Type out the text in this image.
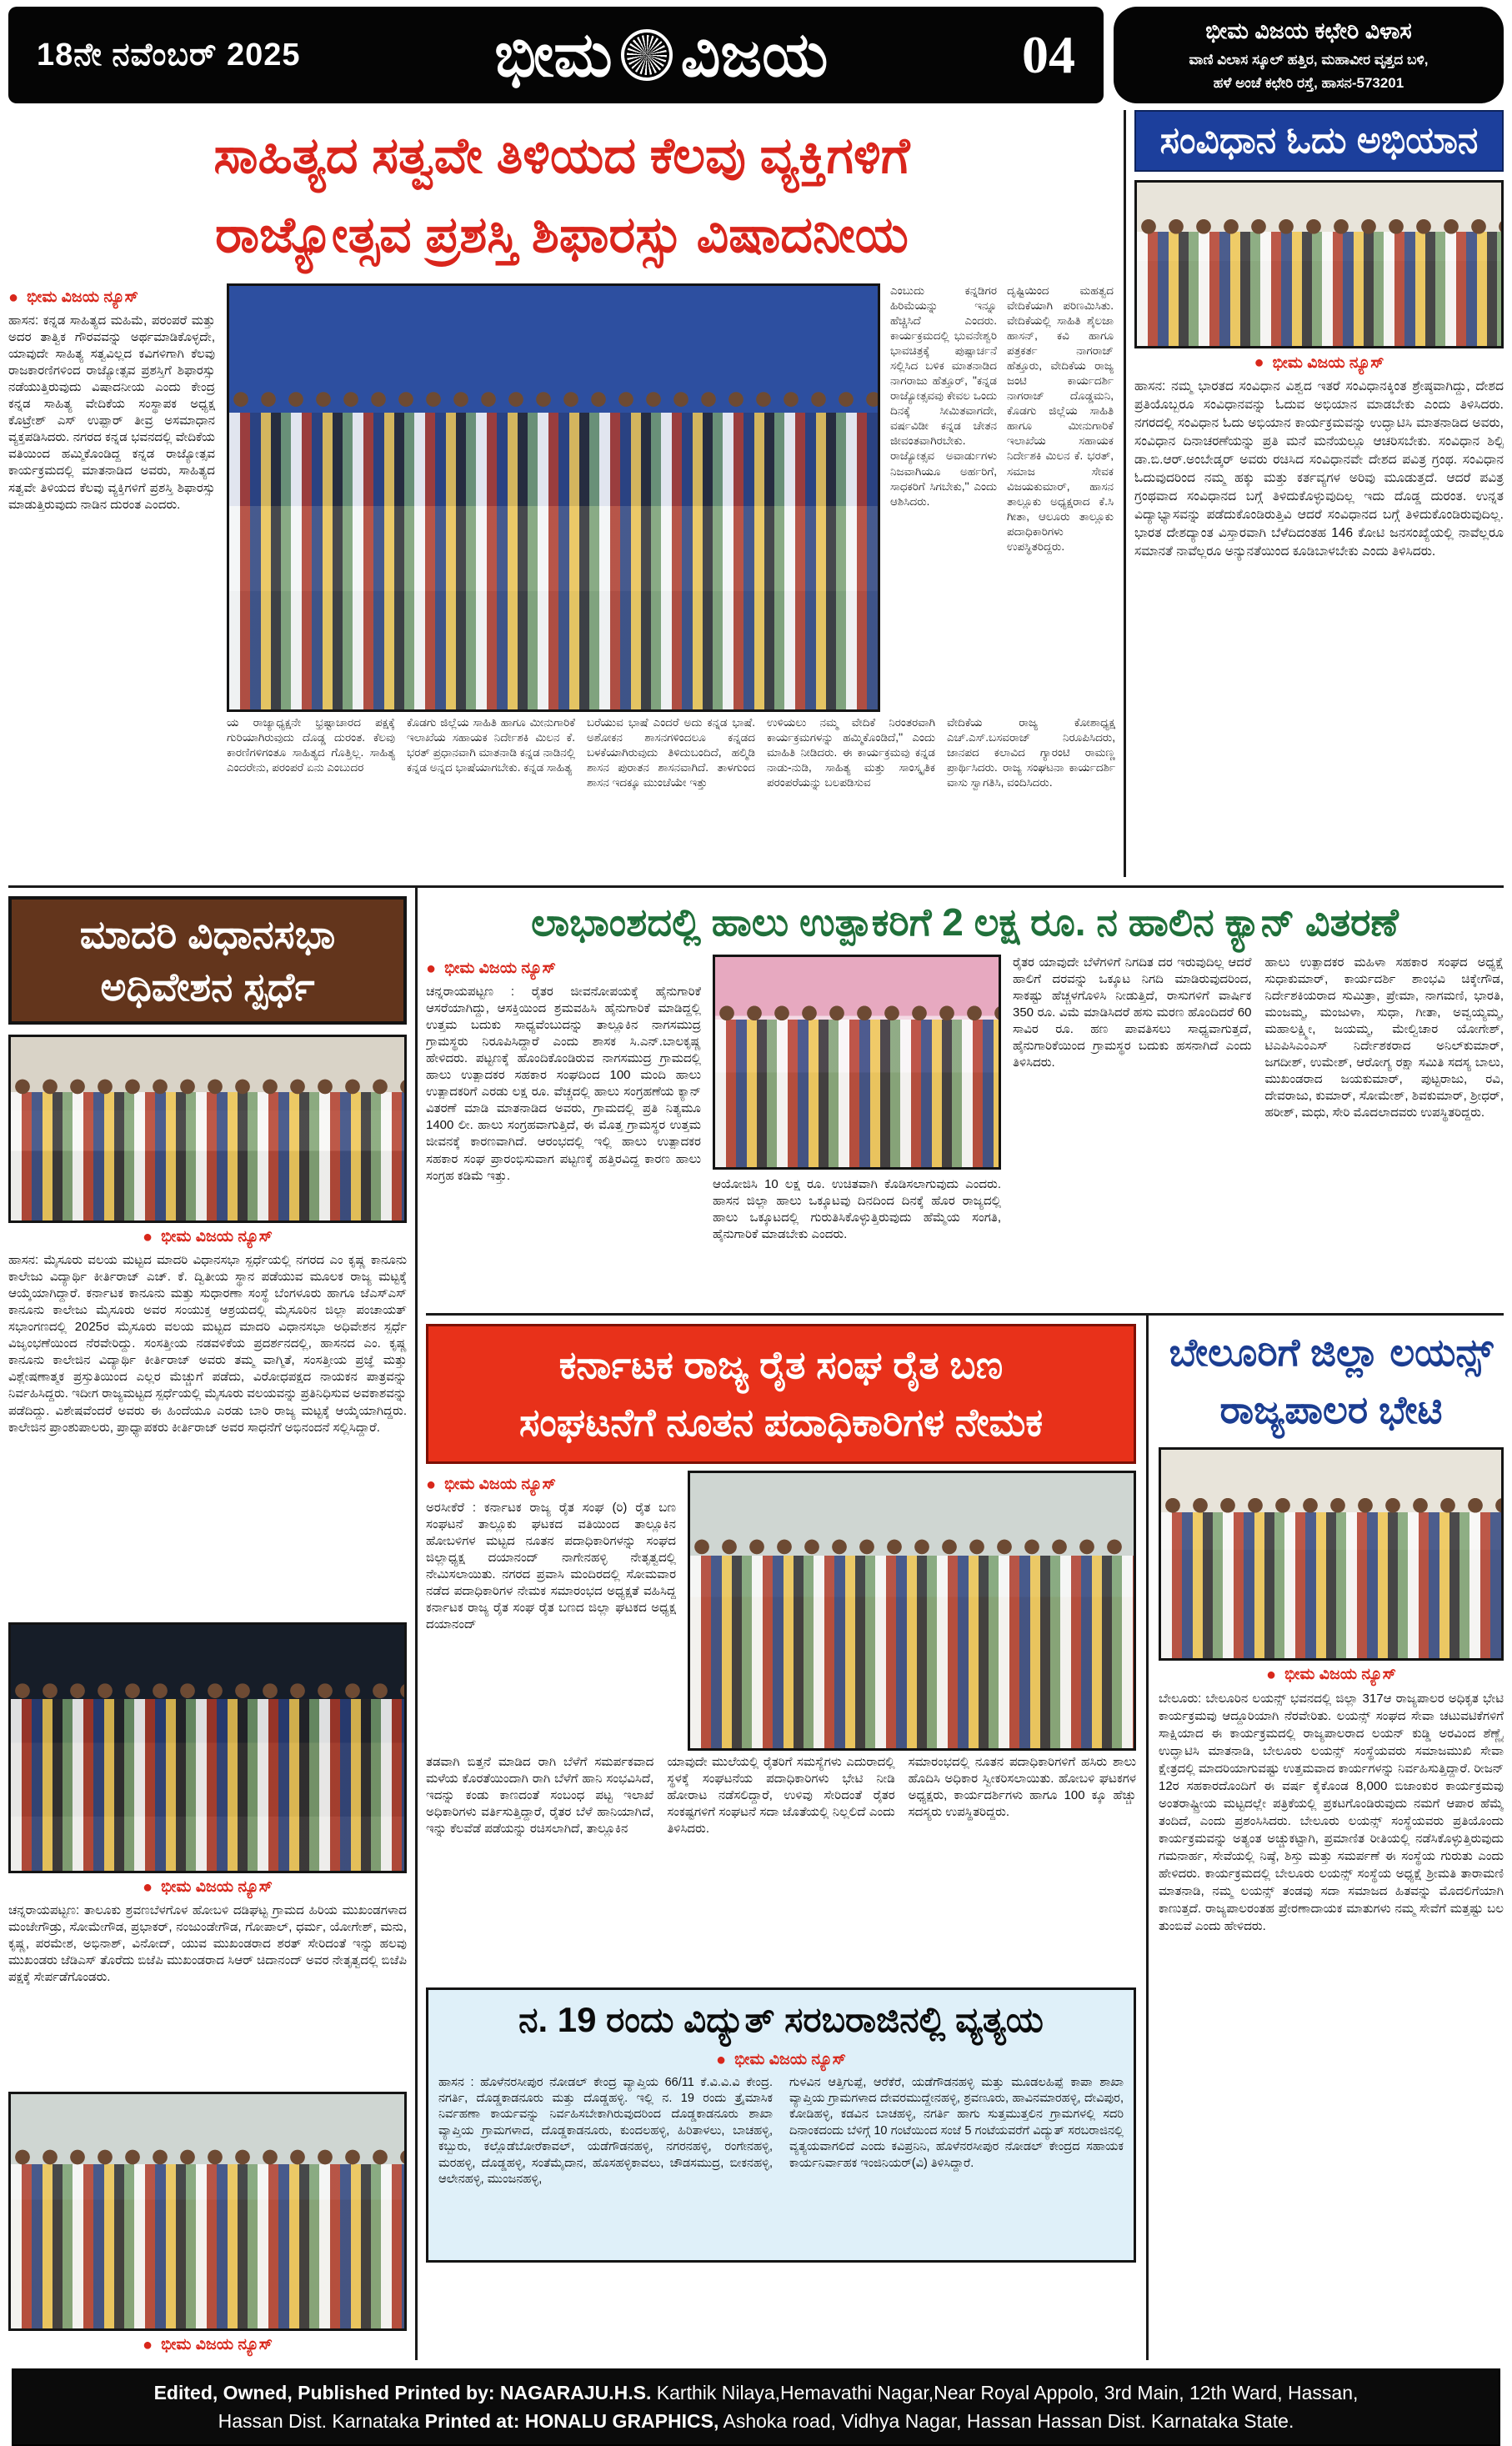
18ನೇ ನವೆಂಬರ್ 2025	ಭೀಮ ವಿಜಯ	04	ಭೀಮ ವಿಜಯ ಕಛೇರಿ ವಿಳಾಸ
ವಾಣಿ ವಿಲಾಸ ಸ್ಕೂಲ್ ಹತ್ತಿರ, ಮಹಾವೀರ ವೃತ್ತದ ಬಳಿ,
ಹಳೆ ಅಂಚೆ ಕಛೇರಿ ರಸ್ತೆ, ಹಾಸನ-573201
ಸಾಹಿತ್ಯದ ಸತ್ವವೇ ತಿಳಿಯದ ಕೆಲವು ವ್ಯಕ್ತಿಗಳಿಗೆ
ರಾಜ್ಯೋತ್ಸವ ಪ್ರಶಸ್ತಿ ಶಿಫಾರಸ್ಸು ವಿಷಾದನೀಯ
● ಭೀಮ ವಿಜಯ ನ್ಯೂಸ್
ಹಾಸನ: ಕನ್ನಡ ಸಾಹಿತ್ಯದ ಮಹಿಮೆ, ಪರಂಪರೆ ಮತ್ತು ಅದರ ತಾತ್ವಿಕ ಗೌರವವನ್ನು ಅರ್ಥಮಾಡಿಕೊಳ್ಳದೇ, ಯಾವುದೇ ಸಾಹಿತ್ಯ ಸತ್ವವಿಲ್ಲದ ಕವಿಗಳಿಗಾಗಿ ಕೆಲವು ರಾಜಕಾರಣಿಗಳಿಂದ ರಾಜ್ಯೋತ್ಸವ ಪ್ರಶಸ್ತಿಗೆ ಶಿಫಾರಸ್ಸು ನಡೆಯುತ್ತಿರುವುದು ವಿಷಾದನೀಯ ಎಂದು ಕೇಂದ್ರ ಕನ್ನಡ ಸಾಹಿತ್ಯ ವೇದಿಕೆಯ ಸಂಸ್ಥಾಪಕ ಅಧ್ಯಕ್ಷ ಕೊಟ್ರೇಶ್ ಎಸ್ ಉಪ್ಪಾರ್ ತೀವ್ರ ಅಸಮಾಧಾನ ವ್ಯಕ್ತಪಡಿಸಿದರು. ನಗರದ ಕನ್ನಡ ಭವನದಲ್ಲಿ ವೇದಿಕೆಯ ವತಿಯಿಂದ ಹಮ್ಮಿಕೊಂಡಿದ್ದ ಕನ್ನಡ ರಾಜ್ಯೋತ್ಸವ ಕಾರ್ಯಕ್ರಮದಲ್ಲಿ ಮಾತನಾಡಿದ ಅವರು, ಸಾಹಿತ್ಯದ ಸತ್ವವೇ ತಿಳಿಯದ ಕೆಲವು ವ್ಯಕ್ತಿಗಳಿಗೆ ಪ್ರಶಸ್ತಿ ಶಿಫಾರಸ್ಸು ಮಾಡುತ್ತಿರುವುದು ನಾಡಿನ ದುರಂತ ಎಂದರು.
ಎಂಬುದು ಕನ್ನಡಿಗರ ಹಿರಿಮೆಯನ್ನು ಇನ್ನೂ ಹೆಚ್ಚಿಸಿದೆ ಎಂದರು. ಕಾರ್ಯಕ್ರಮದಲ್ಲಿ ಭುವನೇಶ್ವರಿ ಭಾವಚಿತ್ರಕ್ಕೆ ಪುಷ್ಪಾರ್ಚನೆ ಸಲ್ಲಿಸಿದ ಬಳಿಕ ಮಾತನಾಡಿದ ನಾಗರಾಜು ಹೆತ್ತೂರ್, ''ಕನ್ನಡ ರಾಜ್ಯೋತ್ಸವವು ಕೇವಲ ಒಂದು ದಿನಕ್ಕೆ ಸೀಮಿತವಾಗದೇ, ವರ್ಷವಿಡೀ ಕನ್ನಡ ಚೇತನ ಜೀವಂತವಾಗಿರಬೇಕು. ರಾಜ್ಯೋತ್ಸವ ಅವಾರ್ಡುಗಳು ನಿಜವಾಗಿಯೂ ಅರ್ಹರಿಗೆ, ಸಾಧಕರಿಗೆ ಸಿಗಬೇಕು,'' ಎಂದು ಆಶಿಸಿದರು.
ದೃಷ್ಟಿಯಿಂದ ಮಹತ್ವದ ವೇದಿಕೆಯಾಗಿ ಪರಿಣಮಿಸಿತು. ವೇದಿಕೆಯಲ್ಲಿ ಸಾಹಿತಿ ಶೈಲಜಾ ಹಾಸನ್, ಕವಿ ಹಾಗೂ ಪತ್ರಕರ್ತ ನಾಗರಾಜ್ ಹೆತ್ತೂರು, ವೇದಿಕೆಯ ರಾಜ್ಯ ಜಂಟಿ ಕಾರ್ಯದರ್ಶಿ ನಾಗರಾಜ್ ದೊಡ್ಡಮನಿ, ಕೊಡಗು ಜಿಲ್ಲೆಯ ಸಾಹಿತಿ ಹಾಗೂ ಮೀನುಗಾರಿಕೆ ಇಲಾಖೆಯ ಸಹಾಯಕ ನಿರ್ದೇಶಕಿ ಮಿಲನ ಕೆ. ಭರತ್, ಸಮಾಜ ಸೇವಕ ವಿಜಯಕುಮಾರ್, ಹಾಸನ ತಾಲ್ಲೂಕು ಅಧ್ಯಕ್ಷರಾದ ಕೆ.ಸಿ ಗೀತಾ, ಆಲೂರು ತಾಲ್ಲೂಕು ಪದಾಧಿಕಾರಿಗಳು ಉಪಸ್ಥಿತರಿದ್ದರು.
ಯ ರಾಜ್ಯಾಧ್ಯಕ್ಷನೇ ಭ್ರಷ್ಟಾಚಾರದ ಪಕ್ಷಕ್ಕೆ ಗುರಿಯಾಗಿರುವುದು ದೊಡ್ಡ ದುರಂತ. ಕೆಲವು ಕಾರಣಿಗಳಿಗಂತೂ ಸಾಹಿತ್ಯದ ಗೊತ್ತಿಲ್ಲ. ಸಾಹಿತ್ಯ ಎಂದರೇನು, ಪರಂಪರೆ ಏನು ಎಂಬುದರ
ಕೊಡಗು ಜಿಲ್ಲೆಯ ಸಾಹಿತಿ ಹಾಗೂ ಮೀನುಗಾರಿಕೆ ಇಲಾಖೆಯ ಸಹಾಯಕ ನಿರ್ದೇಶಕಿ ಮಿಲನ ಕೆ. ಭರತ್ ಪ್ರಧಾನವಾಗಿ ಮಾತನಾಡಿ ಕನ್ನಡ ನಾಡಿನಲ್ಲಿ ಕನ್ನಡ ಅನ್ನದ ಭಾಷೆಯಾಗಬೇಕು. ಕನ್ನಡ ಸಾಹಿತ್ಯ
ಬರೆಯುವ ಭಾಷೆ ಎಂದರೆ ಅದು ಕನ್ನಡ ಭಾಷೆ. ಅಶೋಕನ ಶಾಸನಗಳಿಂದಲೂ ಕನ್ನಡದ ಬಳಕೆಯಾಗಿರುವುದು ತಿಳಿದುಬಂದಿದೆ, ಹಲ್ಮಿಡಿ ಶಾಸನ ಪುರಾತನ ಶಾಸನವಾಗಿದೆ. ತಾಳಗುಂದ ಶಾಸನ ಇದಕ್ಕೂ ಮುಂಚೆಯೇ ಇತ್ತು
ಉಳಿಯಲು ನಮ್ಮ ವೇದಿಕೆ ನಿರಂತರವಾಗಿ ಕಾರ್ಯಕ್ರಮಗಳನ್ನು ಹಮ್ಮಿಕೊಂಡಿದೆ,'' ಎಂದು ಮಾಹಿತಿ ನೀಡಿದರು. ಈ ಕಾರ್ಯಕ್ರಮವು ಕನ್ನಡ ನಾಡು-ನುಡಿ, ಸಾಹಿತ್ಯ ಮತ್ತು ಸಾಂಸ್ಕೃತಿಕ ಪರಂಪರೆಯನ್ನು ಬಲಪಡಿಸುವ
ವೇದಿಕೆಯ ರಾಜ್ಯ ಕೋಶಾಧ್ಯಕ್ಷ ಎಚ್.ಎಸ್.ಬಸವರಾಜ್ ನಿರೂಪಿಸಿದರು, ಜಾನಪದ ಕಲಾವಿದ ಗ್ಯಾರಂಟಿ ರಾಮಣ್ಣ ಪ್ರಾರ್ಥಿಸಿದರು. ರಾಜ್ಯ ಸಂಘಟನಾ ಕಾರ್ಯದರ್ಶಿ ವಾಸು ಸ್ವಾಗತಿಸಿ, ವಂದಿಸಿದರು.
ಸಂವಿಧಾನ ಓದು ಅಭಿಯಾನ
● ಭೀಮ ವಿಜಯ ನ್ಯೂಸ್
ಹಾಸನ: ನಮ್ಮ ಭಾರತದ ಸಂವಿಧಾನ ವಿಶ್ವದ ಇತರೆ ಸಂವಿಧಾನಕ್ಕಿಂತ ಶ್ರೇಷ್ಠವಾಗಿದ್ದು, ದೇಶದ ಪ್ರತಿಯೊಬ್ಬರೂ ಸಂವಿಧಾನವನ್ನು ಓದುವ ಅಭಿಯಾನ ಮಾಡಬೇಕು ಎಂದು ತಿಳಿಸಿದರು. ನಗರದಲ್ಲಿ ಸಂವಿಧಾನ ಓದು ಅಭಿಯಾನ ಕಾರ್ಯಕ್ರಮವನ್ನು ಉದ್ಘಾಟಿಸಿ ಮಾತನಾಡಿದ ಅವರು, ಸಂವಿಧಾನ ದಿನಾಚರಣೆಯನ್ನು ಪ್ರತಿ ಮನೆ ಮನೆಯಲ್ಲೂ ಆಚರಿಸಬೇಕು. ಸಂವಿಧಾನ ಶಿಲ್ಪಿ ಡಾ.ಬಿ.ಆರ್.ಅಂಬೇಡ್ಕರ್ ಅವರು ರಚಿಸಿದ ಸಂವಿಧಾನವೇ ದೇಶದ ಪವಿತ್ರ ಗ್ರಂಥ. ಸಂವಿಧಾನ ಓದುವುದರಿಂದ ನಮ್ಮ ಹಕ್ಕು ಮತ್ತು ಕರ್ತವ್ಯಗಳ ಅರಿವು ಮೂಡುತ್ತದೆ. ಆದರೆ ಪವಿತ್ರ ಗ್ರಂಥವಾದ ಸಂವಿಧಾನದ ಬಗ್ಗೆ ತಿಳಿದುಕೊಳ್ಳುವುದಿಲ್ಲ ಇದು ದೊಡ್ಡ ದುರಂತ. ಉನ್ನತ ವಿದ್ಯಾಭ್ಯಾಸವನ್ನು ಪಡೆದುಕೊಂಡಿರುತ್ತಿವಿ ಆದರೆ ಸಂವಿಧಾನದ ಬಗ್ಗೆ ತಿಳಿದುಕೊಂಡಿರುವುದಿಲ್ಲ. ಭಾರತ ದೇಶದ್ಯಾಂತ ವಿಸ್ತಾರವಾಗಿ ಬೆಳೆದಿದಂತಹ 146 ಕೋಟಿ ಜನಸಂಖ್ಯೆಯಲ್ಲಿ ನಾವೆಲ್ಲರೂ ಸಮಾನತೆ ನಾವೆಲ್ಲರೂ ಅನ್ಯುನತೆಯಿಂದ ಕೂಡಿಬಾಳಬೇಕು ಎಂದು ತಿಳಿಸಿದರು.
ಮಾದರಿ ವಿಧಾನಸಭಾ
ಅಧಿವೇಶನ ಸ್ಪರ್ಧೆ
● ಭೀಮ ವಿಜಯ ನ್ಯೂಸ್
ಹಾಸನ: ಮೈಸೂರು ವಲಯ ಮಟ್ಟದ ಮಾದರಿ ವಿಧಾನಸಭಾ ಸ್ಪರ್ಧೆಯಲ್ಲಿ ನಗರದ ಎಂ ಕೃಷ್ಣ ಕಾನೂನು ಕಾಲೇಜು ವಿದ್ಯಾರ್ಥಿ ಕೀರ್ತಿರಾಜ್ ಎಚ್. ಕೆ. ದ್ವಿತೀಯ ಸ್ಥಾನ ಪಡೆಯುವ ಮೂಲಕ ರಾಜ್ಯ ಮಟ್ಟಕ್ಕೆ ಆಯ್ಕೆಯಾಗಿದ್ದಾರೆ. ಕರ್ನಾಟಕ ಕಾನೂನು ಮತ್ತು ಸುಧಾರಣಾ ಸಂಸ್ಥೆ ಬೆಂಗಳೂರು ಹಾಗೂ ಜೆಎಸ್‌ಎಸ್ ಕಾನೂನು ಕಾಲೇಜು ಮೈಸೂರು ಅವರ ಸಂಯುಕ್ತ ಆಶ್ರಯದಲ್ಲಿ ಮೈಸೂರಿನ ಜಿಲ್ಲಾ ಪಂಚಾಯತ್ ಸಭಾಂಗಣದಲ್ಲಿ 2025ರ ಮೈಸೂರು ವಲಯ ಮಟ್ಟದ ಮಾದರಿ ವಿಧಾನಸಭಾ ಅಧಿವೇಶನ ಸ್ಪರ್ಧೆ ವಿಜೃಂಭಣೆಯಿಂದ ನೆರವೇರಿದ್ದು. ಸಂಸತ್ತೀಯ ನಡವಳಿಕೆಯ ಪ್ರದರ್ಶನದಲ್ಲಿ, ಹಾಸನದ ಎಂ. ಕೃಷ್ಣ ಕಾನೂನು ಕಾಲೇಜಿನ ವಿದ್ಯಾರ್ಥಿ ಕೀರ್ತಿರಾಜ್ ಅವರು ತಮ್ಮ ವಾಗ್ಮಿತೆ, ಸಂಸತ್ತೀಯ ಪ್ರಜ್ಞೆ ಮತ್ತು ವಿಶ್ಲೇಷಣಾತ್ಮಕ ಪ್ರಸ್ತುತಿಯಿಂದ ಎಲ್ಲರ ಮೆಚ್ಚುಗೆ ಪಡೆದು, ವಿರೋಧಪಕ್ಷದ ನಾಯಕನ ಪಾತ್ರವನ್ನು ನಿರ್ವಹಿಸಿದ್ದರು. ಇದೀಗ ರಾಜ್ಯಮಟ್ಟದ ಸ್ಪರ್ಧೆಯಲ್ಲಿ ಮೈಸೂರು ವಲಯವನ್ನು ಪ್ರತಿನಿಧಿಸುವ ಅವಕಾಶವನ್ನು ಪಡೆದಿದ್ದು. ವಿಶೇಷವೆಂದರೆ ಅವರು ಈ ಹಿಂದೆಯೂ ಎರಡು ಬಾರಿ ರಾಜ್ಯ ಮಟ್ಟಕ್ಕೆ ಆಯ್ಕೆಯಾಗಿದ್ದರು. ಕಾಲೇಜಿನ ಪ್ರಾಂಶುಪಾಲರು, ಪ್ರಾಧ್ಯಾಪಕರು ಕೀರ್ತಿರಾಜ್ ಅವರ ಸಾಧನೆಗೆ ಅಭಿನಂದನೆ ಸಲ್ಲಿಸಿದ್ದಾರೆ.
● ಭೀಮ ವಿಜಯ ನ್ಯೂಸ್
ಚನ್ನರಾಯಪಟ್ಟಣ: ತಾಲೂಕು ಶ್ರವಣಬೆಳಗೊಳ ಹೋಬಳಿ ದಡಿಘಟ್ಟ ಗ್ರಾಮದ ಹಿರಿಯ ಮುಖಂಡಗಳಾದ ಮಂಜೇಗೌಡ್ರು, ಸೋಮೇಗೌಡ, ಪ್ರಭಾಕರ್, ನಂಜುಂಡೇಗೌಡ, ಗೋಪಾಲ್, ಧರ್ಮ, ಯೋಗೇಶ್, ಮನು, ಕೃಷ್ಣ, ಪರಮೇಶ, ಅಭಿನಾಶ್, ವಿನೋದ್, ಯುವ ಮುಖಂಡರಾದ ಶರತ್ ಸೇರಿದಂತೆ ಇನ್ನು ಹಲವು ಮುಖಂಡರು ಜೆಡಿಎಸ್ ತೊರೆದು ಬಿಜೆಪಿ ಮುಖಂಡರಾದ ಸಿಆರ್ ಚಿದಾನಂದ್ ಅವರ ನೇತೃತ್ವದಲ್ಲಿ ಬಿಜೆಪಿ ಪಕ್ಷಕ್ಕೆ ಸೇರ್ಪಡೆಗೊಂಡರು.
● ಭೀಮ ವಿಜಯ ನ್ಯೂಸ್
ಲಾಭಾಂಶದಲ್ಲಿ ಹಾಲು ಉತ್ಪಾಕರಿಗೆ 2 ಲಕ್ಷ ರೂ. ನ ಹಾಲಿನ ಕ್ಯಾನ್ ವಿತರಣೆ
● ಭೀಮ ವಿಜಯ ನ್ಯೂಸ್
ಚನ್ನರಾಯಪಟ್ಟಣ : ರೈತರ ಜೀವನೋಪಯಕ್ಕೆ ಹೈನುಗಾರಿಕೆ ಆಸರೆಯಾಗಿದ್ದು, ಆಸಕ್ತಿಯಿಂದ ಶ್ರಮವಹಿಸಿ ಹೈನುಗಾರಿಕೆ ಮಾಡಿದ್ದಲ್ಲಿ ಉತ್ತಮ ಬದುಕು ಸಾಧ್ಯವೆಂಬುದನ್ನು ತಾಲ್ಲೂಕಿನ ನಾಗಸಮುದ್ರ ಗ್ರಾಮಸ್ಥರು ನಿರೂಪಿಸಿದ್ದಾರೆ ಎಂದು ಶಾಸಕ ಸಿ.ಎನ್.ಬಾಲಕೃಷ್ಣ ಹೇಳಿದರು. ಪಟ್ಟಣಕ್ಕೆ ಹೊಂದಿಕೊಂಡಿರುವ ನಾಗಸಮುದ್ರ ಗ್ರಾಮದಲ್ಲಿ ಹಾಲು ಉತ್ಪಾದಕರ ಸಹಕಾರ ಸಂಘದಿಂದ 100 ಮಂದಿ ಹಾಲು ಉತ್ಪಾದಕರಿಗೆ ಎರಡು ಲಕ್ಷ ರೂ. ವೆಚ್ಚದಲ್ಲಿ ಹಾಲು ಸಂಗ್ರಹಣೆಯ ಕ್ಯಾನ್ ವಿತರಣೆ ಮಾಡಿ ಮಾತನಾಡಿದ ಅವರು, ಗ್ರಾಮದಲ್ಲಿ ಪ್ರತಿ ನಿತ್ಯಮೂ 1400 ಲೀ. ಹಾಲು ಸಂಗ್ರಹವಾಗುತ್ತಿದೆ, ಈ ಮೊತ್ತ ಗ್ರಾಮಸ್ಥರ ಉತ್ತಮ ಜೀವನಕ್ಕೆ ಕಾರಣವಾಗಿದೆ. ಆರಂಭದಲ್ಲಿ ಇಲ್ಲಿ ಹಾಲು ಉತ್ಪಾದಕರ ಸಹಕಾರ ಸಂಘ ಪ್ರಾರಂಭಿಸುವಾಗ ಪಟ್ಟಣಕ್ಕೆ ಹತ್ತಿರವಿದ್ದ ಕಾರಣ ಹಾಲು ಸಂಗ್ರಹ ಕಡಿಮೆ ಇತ್ತು.
ಆಯೋಜಿಸಿ 10 ಲಕ್ಷ ರೂ. ಉಚಿತವಾಗಿ ಕೊಡಿಸಲಾಗುವುದು ಎಂದರು. ಹಾಸನ ಜಿಲ್ಲಾ ಹಾಲು ಒಕ್ಕೂಟವು ದಿನದಿಂದ ದಿನಕ್ಕೆ ಹೊರ ರಾಜ್ಯದಲ್ಲಿ ಹಾಲು ಒಕ್ಕೂಟದಲ್ಲಿ ಗುರುತಿಸಿಕೊಳ್ಳುತ್ತಿರುವುದು ಹೆಮ್ಮೆಯ ಸಂಗತಿ, ಹೈನುಗಾರಿಕೆ ಮಾಡಬೇಕು ಎಂದರು.
ರೈತರ ಯಾವುದೇ ಬೆಳೆಗಳಿಗೆ ನಿಗದಿತ ದರ ಇರುವುದಿಲ್ಲ ಆದರೆ ಹಾಲಿಗೆ ದರವನ್ನು ಒಕ್ಕೂಟ ನಿಗದಿ ಮಾಡಿರುವುದರಿಂದ, ಸಾಕಷ್ಟು ಹೆಚ್ಚಳಗೊಳಿಸಿ ನೀಡುತ್ತಿದೆ, ರಾಸುಗಳಿಗೆ ವಾರ್ಷಿಕ 350 ರೂ. ವಿಮೆ ಮಾಡಿಸಿದರೆ ಹಸು ಮರಣ ಹೊಂದಿದರೆ 60 ಸಾವಿರ ರೂ. ಹಣ ಪಾವತಿಸಲು ಸಾಧ್ಯವಾಗುತ್ತದೆ, ಹೈನುಗಾರಿಕೆಯಿಂದ ಗ್ರಾಮಸ್ಥರ ಬದುಕು ಹಸನಾಗಿದೆ ಎಂದು ತಿಳಿಸಿದರು.
ಹಾಲು ಉತ್ಪಾದಕರ ಮಹಿಳಾ ಸಹಕಾರ ಸಂಘದ ಅಧ್ಯಕ್ಷೆ ಸುಧಾಕುಮಾರ್, ಕಾರ್ಯದರ್ಶಿ ಶಾಂಭವಿ ಚಿಕ್ಕೇಗೌಡ, ನಿರ್ದೇಶಕಿಯರಾದ ಸುಮಿತ್ರಾ, ಪ್ರೇಮಾ, ನಾಗಮಣಿ, ಭಾರತಿ, ಮಂಜಮ್ಮ, ಮಂಜುಳಾ, ಸುಧಾ, ಗೀತಾ, ಅವ್ವಯ್ಯಮ್ಮ, ಮಹಾಲಕ್ಷ್ಮೀ, ಜಯಮ್ಮ, ಮೇಲ್ವಿಚಾರ ಯೋಗೇಶ್, ಟಿಎಪಿಸಿಎಂಎಸ್ ನಿರ್ದೇಶಕರಾದ ಅನಿಲ್‌ಕುಮಾರ್, ಜಗದೀಶ್, ಉಮೇಶ್, ಆರೋಗ್ಯ ರಕ್ಷಾ ಸಮಿತಿ ಸದಸ್ಯ ಬಾಲು, ಮುಖಂಡರಾದ ಜಯಕುಮಾರ್, ಪುಟ್ಟರಾಜು, ರವಿ, ದೇವರಾಜು, ಕುಮಾರ್, ಸೋಮೇಶ್, ಶಿವಕುಮಾರ್, ಶ್ರೀಧರ್, ಹರೀಶ್, ಮಧು, ಸೇರಿ ಮೊದಲಾದವರು ಉಪಸ್ಥಿತರಿದ್ದರು.
ಕರ್ನಾಟಕ ರಾಜ್ಯ ರೈತ ಸಂಘ ರೈತ ಬಣ
ಸಂಘಟನೆಗೆ ನೂತನ ಪದಾಧಿಕಾರಿಗಳ ನೇಮಕ
● ಭೀಮ ವಿಜಯ ನ್ಯೂಸ್
ಅರಸೀಕೆರೆ : ಕರ್ನಾಟಕ ರಾಜ್ಯ ರೈತ ಸಂಘ (ರಿ) ರೈತ ಬಣ ಸಂಘಟನೆ ತಾಲ್ಲೂಕು ಘಟಕದ ವತಿಯಿಂದ ತಾಲ್ಲೂಕಿನ ಹೋಬಳಿಗಳ ಮಟ್ಟದ ನೂತನ ಪದಾಧಿಕಾರಿಗಳನ್ನು ಸಂಘದ ಜಿಲ್ಲಾಧ್ಯಕ್ಷ ದಯಾನಂದ್ ನಾಗೇನಹಳ್ಳಿ ನೇತೃತ್ವದಲ್ಲಿ ನೇಮಿಸಲಾಯಿತು. ನಗರದ ಪ್ರವಾಸಿ ಮಂದಿರದಲ್ಲಿ ಸೋಮವಾರ ನಡೆದ ಪದಾಧಿಕಾರಿಗಳ ನೇಮಕ ಸಮಾರಂಭದ ಅಧ್ಯಕ್ಷತೆ ವಹಿಸಿದ್ದ ಕರ್ನಾಟಕ ರಾಜ್ಯ ರೈತ ಸಂಘ ರೈತ ಬಣದ ಜಿಲ್ಲಾ ಘಟಕದ ಅಧ್ಯಕ್ಷ ದಯಾನಂದ್
ತಡವಾಗಿ ಬಿತ್ತನೆ ಮಾಡಿದ ರಾಗಿ ಬೆಳೆಗೆ ಸಮರ್ಪಕವಾದ ಮಳೆಯ ಕೊರತೆಯಿಂದಾಗಿ ರಾಗಿ ಬೆಳೆಗೆ ಹಾನಿ ಸಂಭವಿಸಿದೆ, ಇದನ್ನು ಕಂಡು ಕಾಣದಂತೆ ಸಂಬಂಧ ಪಟ್ಟ ಇಲಾಖೆ ಅಧಿಕಾರಿಗಳು ವರ್ತಿಸುತ್ತಿದ್ದಾರೆ, ರೈತರ ಬೆಳೆ ಹಾನಿಯಾಗಿದೆ, ಇನ್ನು ಕೆಲವೆಡೆ ಪಡೆಯನ್ನು ರಚಿಸಲಾಗಿದೆ, ತಾಲ್ಲೂಕಿನ
ಯಾವುದೇ ಮುಲೆಯಲ್ಲಿ ರೈತರಿಗೆ ಸಮಸ್ಯೆಗಳು ಎದುರಾದಲ್ಲಿ ಸ್ಥಳಕ್ಕೆ ಸಂಘಟನೆಯ ಪದಾಧಿಕಾರಿಗಳು ಭೇಟಿ ನೀಡಿ ಹೋರಾಟ ನಡೆಸಲಿದ್ದಾರೆ, ಉಳಿವು ಸೇರಿದಂತೆ ರೈತರ ಸಂಕಷ್ಟಗಳಿಗೆ ಸಂಘಟನೆ ಸದಾ ಜೊತೆಯಲ್ಲಿ ನಿಲ್ಲಲಿದೆ ಎಂದು ತಿಳಿಸಿದರು.
ಸಮಾರಂಭದಲ್ಲಿ ನೂತನ ಪದಾಧಿಕಾರಿಗಳಿಗೆ ಹಸಿರು ಶಾಲು ಹೊದಿಸಿ ಅಧಿಕಾರ ಸ್ವೀಕರಿಸಲಾಯಿತು. ಹೋಬಳಿ ಘಟಕಗಳ ಅಧ್ಯಕ್ಷರು, ಕಾರ್ಯದರ್ಶಿಗಳು ಹಾಗೂ 100 ಕ್ಕೂ ಹೆಚ್ಚು ಸದಸ್ಯರು ಉಪಸ್ಥಿತರಿದ್ದರು.
ನ. 19 ರಂದು ವಿದ್ಯುತ್ ಸರಬರಾಜಿನಲ್ಲಿ ವ್ಯತ್ಯಯ
● ಭೀಮ ವಿಜಯ ನ್ಯೂಸ್
ಹಾಸನ : ಹೊಳೆನರಸೀಪುರ ನೋಡಲ್ ಕೇಂದ್ರ ವ್ಯಾಪ್ತಿಯ 66/11 ಕೆ.ವಿ.ವಿ.ವಿ ಕೇಂದ್ರ. ನಗರ್ತಿ, ದೊಡ್ಡಕಾಡನೂರು ಮತ್ತು ದೊಡ್ಡಹಳ್ಳಿ. ಇಲ್ಲಿ ನ. 19 ರಂದು ತ್ರೈಮಾಸಿಕ ನಿರ್ವಹಣಾ ಕಾರ್ಯವನ್ನು ನಿರ್ವಹಿಸಬೇಕಾಗಿರುವುದರಿಂದ ದೊಡ್ಡಕಾಡನೂರು ಶಾಖಾ ವ್ಯಾಪ್ತಿಯ ಗ್ರಾಮಗಳಾದ, ದೊಡ್ಡಕಾಡನೂರು, ಕುಂದಲಹಳ್ಳಿ, ಹಿರಿತಾಳಲು, ಬಾಚಹಳ್ಳಿ, ಕಬ್ಬುರು, ಕಲ್ಲೊಡೆಬೋರೆಕಾವಲ್, ಯಡೆಗೌಡನಹಳ್ಳಿ, ನಗರನಹಳ್ಳಿ, ರಂಗೇನಹಳ್ಳಿ, ಮರಹಳ್ಳಿ, ದೊಡ್ಡಹಳ್ಳಿ, ಸಂತೆಮೈದಾನ, ಹೊಸಹಳ್ಳಿಕಾವಲು, ಚೌಡಸಮುದ್ರ, ಬೀಕನಹಳ್ಳಿ, ಆಲೇನಹಳ್ಳಿ, ಮುಂಜನಹಳ್ಳಿ,
ಗುಳವಿನ ಆತ್ತಿಗುಪ್ಪೆ, ಆರೆಕೆರೆ, ಯಡೆಗೌಡನಹಳ್ಳಿ ಮತ್ತು ಮೂಡಲಹಿಪ್ಪೆ ಕಾಪಾ ಶಾಖಾ ವ್ಯಾಪ್ತಿಯ ಗ್ರಾಮಗಳಾದ ದೇವರಮುದ್ದೇನಹಳ್ಳಿ, ಶ್ರವಣೂರು, ಹಾವಿನಮಾರಹಳ್ಳಿ, ದೇವಿಪುರ, ಕೋಡಿಹಳ್ಳಿ, ಕಡವಿನ ಬಾಚಹಳ್ಳಿ, ನಗರ್ತಿ ಹಾಗು ಸುತ್ತಮುತ್ತಲಿನ ಗ್ರಾಮಗಳಲ್ಲಿ ಸದರಿ ದಿನಾಂಕದಂದು ಬೆಳಿಗ್ಗೆ 10 ಗಂಟೆಯಿಂದ ಸಂಜೆ 5 ಗಂಟೆಯವರೆಗೆ ವಿದ್ಯುತ್ ಸರಬರಾಜಿನಲ್ಲಿ ವ್ಯತ್ಯಯವಾಗಲಿದೆ ಎಂದು ಕವಿಪ್ರನಿನಿ, ಹೊಳೆನರಸೀಪುರ ನೋಡಲ್ ಕೇಂದ್ರದ ಸಹಾಯಕ ಕಾರ್ಯನಿರ್ವಾಹಕ ಇಂಜಿನಿಯರ್(ವಿ) ತಿಳಿಸಿದ್ದಾರೆ.
ಬೇಲೂರಿಗೆ ಜಿಲ್ಲಾ ಲಯನ್ಸ್
ರಾಜ್ಯಪಾಲರ ಭೇಟಿ
● ಭೀಮ ವಿಜಯ ನ್ಯೂಸ್
ಬೇಲೂರು: ಬೇಲೂರಿನ ಲಯನ್ಸ್ ಭವನದಲ್ಲಿ ಜಿಲ್ಲಾ 317ಆ ರಾಜ್ಯಪಾಲರ ಅಧಿಕೃತ ಭೇಟಿ ಕಾರ್ಯಕ್ರಮವು ಆದ್ದೂರಿಯಾಗಿ ನೆರವೇರಿತು. ಲಯನ್ಸ್ ಸಂಘದ ಸೇವಾ ಚಟುವಟಿಕೆಗಳಿಗೆ ಸಾಕ್ಷಿಯಾದ ಈ ಕಾರ್ಯಕ್ರಮದಲ್ಲಿ ರಾಜ್ಯಪಾಲರಾದ ಲಯನ್ ಕುಡ್ಡಿ ಅರವಿಂದ ಶೆಣ್ಣೈ ಉದ್ಘಾಟಿಸಿ ಮಾತನಾಡಿ, ಬೇಲೂರು ಲಯನ್ಸ್ ಸಂಸ್ಥೆಯವರು ಸಮಾಜಮುಖಿ ಸೇವಾ ಕ್ಷೇತ್ರದಲ್ಲಿ ಮಾದರಿಯಾಗುವಷ್ಟು ಉತ್ತಮವಾದ ಕಾರ್ಯಗಳನ್ನು ನಿರ್ವಹಿಸುತ್ತಿದ್ದಾರೆ. ರೀಜನ್ 12ರ ಸಹಕಾರದೊಂದಿಗೆ ಈ ವರ್ಷ ಕೈಕೊಂಡ 8,000 ಬಿಜಾಂಕುರ ಕಾರ್ಯಕ್ರಮವು ಅಂತರಾಷ್ಟ್ರೀಯ ಮಟ್ಟದಲ್ಲೇ ಪತ್ರಿಕೆಯಲ್ಲಿ ಪ್ರಕಟಗೊಂಡಿರುವುದು ನಮಗೆ ಆಪಾರ ಹೆಮ್ಮೆ ತಂದಿದೆ, ಎಂದು ಪ್ರಶಂಸಿಸಿದರು. ಬೇಲೂರು ಲಯನ್ಸ್ ಸಂಸ್ಥೆಯವರು ಪ್ರತಿಯೊಂದು ಕಾರ್ಯಕ್ರಮವನ್ನು ಅತ್ಯಂತ ಅಚ್ಚುಕಟ್ಟಾಗಿ, ಪ್ರಮಾಣಿತ ರೀತಿಯಲ್ಲಿ ನಡೆಸಿಕೊಳ್ಳುತ್ತಿರುವುದು ಗಮನಾರ್ಹ, ಸೇವೆಯಲ್ಲಿ ನಿಷ್ಠೆ, ಶಿಸ್ತು ಮತ್ತು ಸಮರ್ಪಣೆ ಈ ಸಂಸ್ಥೆಯ ಗುರುತು ಎಂದು ಹೇಳಿದರು. ಕಾರ್ಯಕ್ರಮದಲ್ಲಿ ಬೇಲೂರು ಲಯನ್ಸ್ ಸಂಸ್ಥೆಯ ಅಧ್ಯಕ್ಷೆ ಶ್ರೀಮತಿ ತಾರಾಮಣಿ ಮಾತನಾಡಿ, ನಮ್ಮ ಲಯನ್ಸ್ ತಂಡವು ಸದಾ ಸಮಾಜದ ಹಿತವನ್ನು ಮೊದಲಿಗೆಯಾಗಿ ಕಾಣುತ್ತದೆ. ರಾಜ್ಯಪಾಲರಂತಹ ಪ್ರೇರಣಾದಾಯಕ ಮಾತುಗಳು ನಮ್ಮ ಸೇವೆಗೆ ಮತ್ತಷ್ಟು ಬಲ ತುಂಬಿವೆ ಎಂದು ಹೇಳಿದರು.
Edited, Owned, Published Printed by: NAGARAJU.H.S. Karthik Nilaya,Hemavathi Nagar,Near Royal Appolo, 3rd Main, 12th Ward, Hassan,
Hassan Dist. Karnataka Printed at: HONALU GRAPHICS, Ashoka road, Vidhya Nagar, Hassan Hassan Dist. Karnataka State.
